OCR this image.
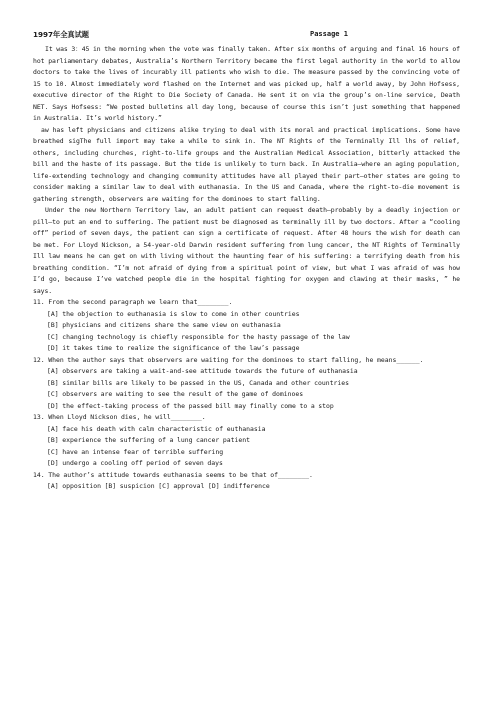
1997年全真试题	Passage 1

It was 3：45 in the morning when the vote was finally taken. After six months of arguing and final 16 hours of hot parliamentary debates, Australia’s Northern Territory became the first legal authority in the world to allow doctors to take the lives of incurably ill patients who wish to die. The measure passed by the convincing vote of 15 to 10. Almost immediately word flashed on the Internet and was picked up, half a world away, by John Hofsess, executive director of the Right to Die Society of Canada. He sent it on via the group’s on-line service, Death NET. Says Hofsess: “We posted bulletins all day long, because of course this isn’t just something that happened in Australia. It’s world history.”

aw has left physicians and citizens alike trying to deal with its moral and practical implications. Some have breathed sigThe full import may take a while to sink in. The NT Rights of the Terminally Ill lhs of relief, others, including churches, right-to-life groups and the Australian Medical Association, bitterly attacked the bill and the haste of its passage. But the tide is unlikely to turn back. In Australia—where an aging population, life-extending technology and changing community attitudes have all played their part—other states are going to consider making a similar law to deal with euthanasia. In the US and Canada, where the right-to-die movement is gathering strength, observers are waiting for the dominoes to start falling.

Under the new Northern Territory law, an adult patient can request death—probably by a deadly injection or pill—to put an end to suffering. The patient must be diagnosed as terminally ill by two doctors. After a “cooling off” period of seven days, the patient can sign a certificate of request. After 48 hours the wish for death can be met. For Lloyd Nickson, a 54-year-old Darwin resident suffering from lung cancer, the NT Rights of Terminally Ill law means he can get on with living without the haunting fear of his suffering: a terrifying death from his breathing condition. “I’m not afraid of dying from a spiritual point of view, but what I was afraid of was how I’d go, because I’ve watched people die in the hospital fighting for oxygen and clawing at their masks, ” he says.

11. From the second paragraph we learn that________.

[A] the objection to euthanasia is slow to come in other countries

[B] physicians and citizens share the same view on euthanasia

[C] changing technology is chiefly responsible for the hasty passage of the law

[D] it takes time to realize the significance of the law’s passage

12. When the author says that observers are waiting for the dominoes to start falling, he means______.

[A] observers are taking a wait-and-see attitude towards the future of euthanasia

[B] similar bills are likely to be passed in the US, Canada and other countries

[C] observers are waiting to see the result of the game of dominoes

[D] the effect-taking process of the passed bill may finally come to a stop

13. When Lloyd Nickson dies, he will________.

[A] face his death with calm characteristic of euthanasia

[B] experience the suffering of a lung cancer patient

[C] have an intense fear of terrible suffering

[D] undergo a cooling off period of seven days

14. The author’s attitude towards euthanasia seems to be that of________.

[A] opposition [B] suspicion [C] approval [D] indifference
